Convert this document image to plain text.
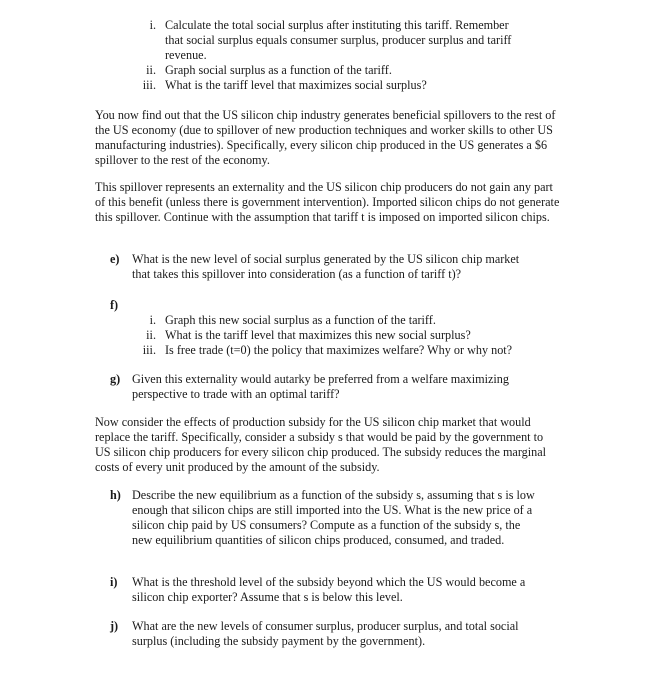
i. Calculate the total social surplus after instituting this tariff. Remember that social surplus equals consumer surplus, producer surplus and tariff revenue.
ii. Graph social surplus as a function of the tariff.
iii. What is the tariff level that maximizes social surplus?
You now find out that the US silicon chip industry generates beneficial spillovers to the rest of the US economy (due to spillover of new production techniques and worker skills to other US manufacturing industries). Specifically, every silicon chip produced in the US generates a $6 spillover to the rest of the economy.
This spillover represents an externality and the US silicon chip producers do not gain any part of this benefit (unless there is government intervention). Imported silicon chips do not generate this spillover. Continue with the assumption that tariff t is imposed on imported silicon chips.
e)	What is the new level of social surplus generated by the US silicon chip market that takes this spillover into consideration (as a function of tariff t)?
f)
i. Graph this new social surplus as a function of the tariff.
ii. What is the tariff level that maximizes this new social surplus?
iii. Is free trade (t=0) the policy that maximizes welfare? Why or why not?
g) Given this externality would autarky be preferred from a welfare maximizing perspective to trade with an optimal tariff?
Now consider the effects of production subsidy for the US silicon chip market that would replace the tariff. Specifically, consider a subsidy s that would be paid by the government to US silicon chip producers for every silicon chip produced. The subsidy reduces the marginal costs of every unit produced by the amount of the subsidy.
h) Describe the new equilibrium as a function of the subsidy s, assuming that s is low enough that silicon chips are still imported into the US. What is the new price of a silicon chip paid by US consumers? Compute as a function of the subsidy s, the new equilibrium quantities of silicon chips produced, consumed, and traded.
i)	What is the threshold level of the subsidy beyond which the US would become a silicon chip exporter? Assume that s is below this level.
j)	What are the new levels of consumer surplus, producer surplus, and total social surplus (including the subsidy payment by the government).
